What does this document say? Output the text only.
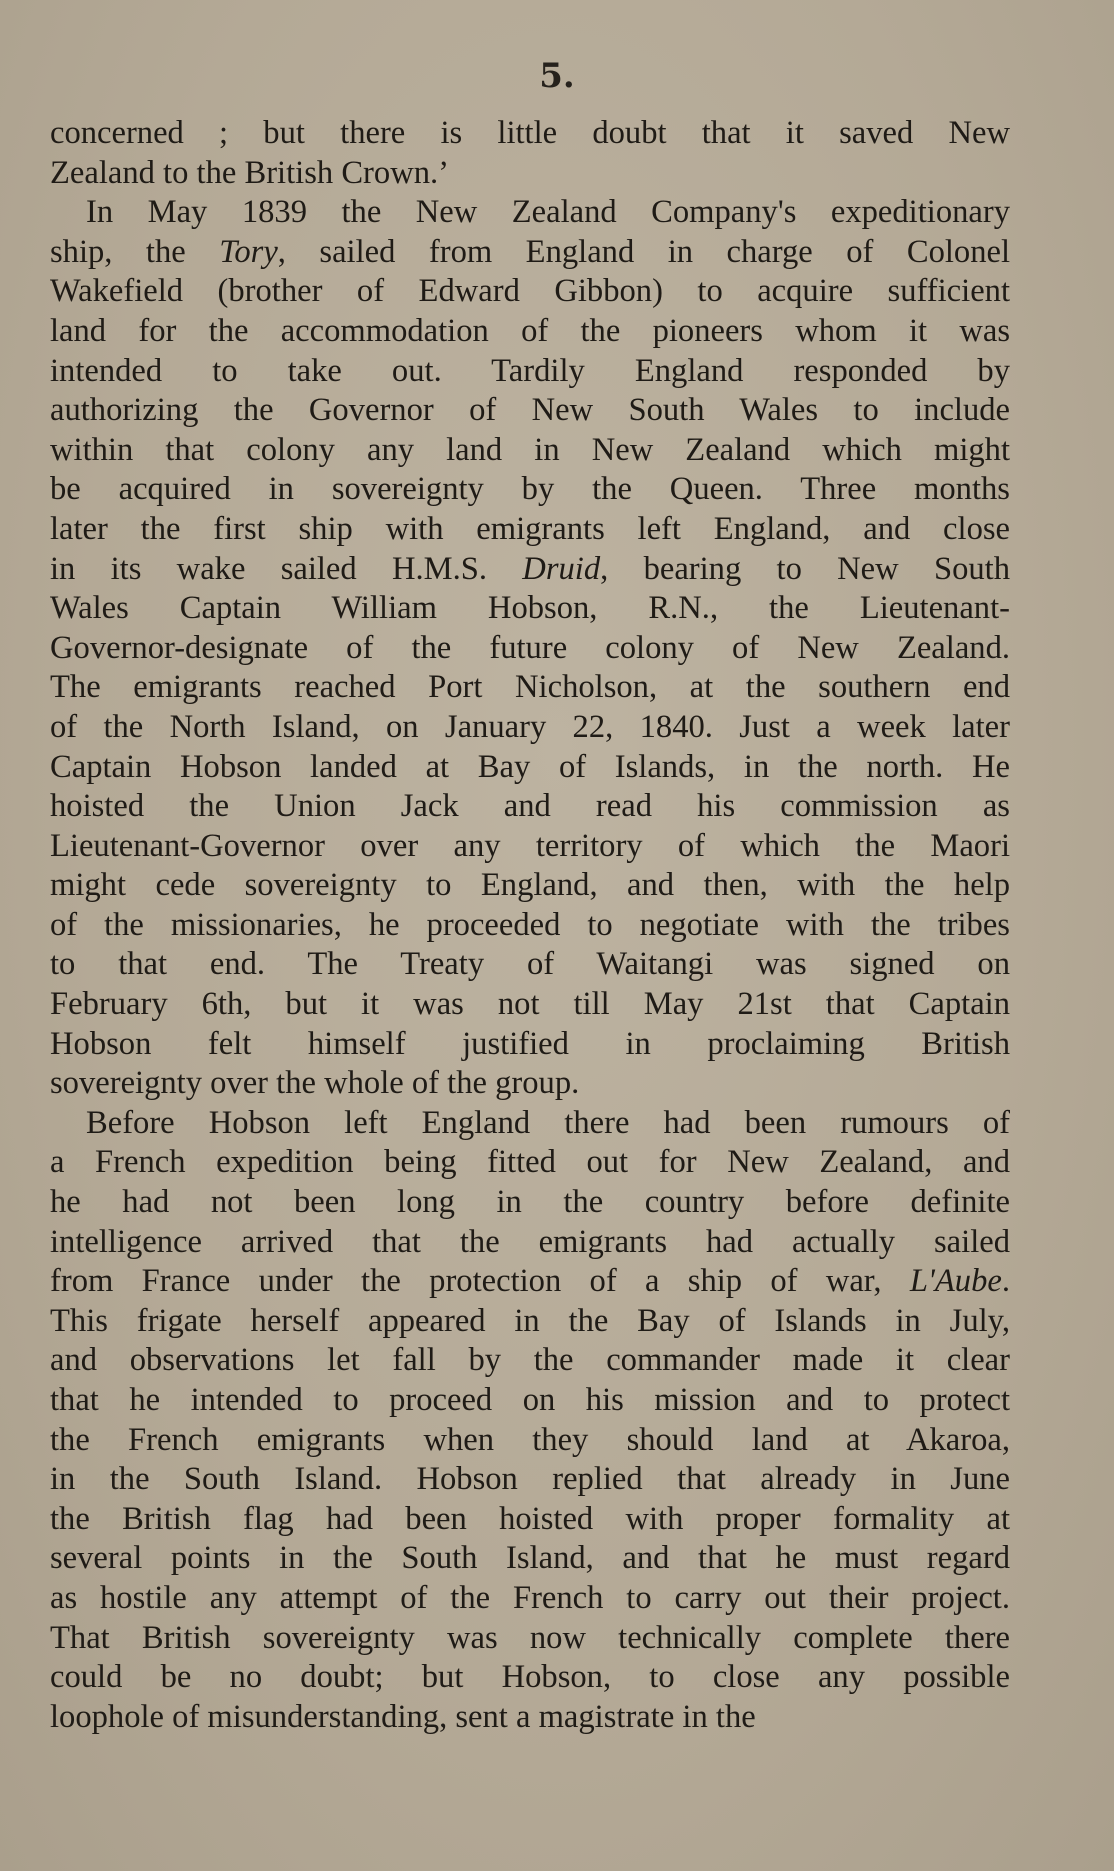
5.
concerned ; but there is little doubt that it saved New
Zealand to the British Crown.’
In May 1839 the New Zealand Company's expeditionary
ship, the Tory, sailed from England in charge of Colonel
Wakefield (brother of Edward Gibbon) to acquire sufficient
land for the accommodation of the pioneers whom it was
intended to take out. Tardily England responded by
authorizing the Governor of New South Wales to include
within that colony any land in New Zealand which might
be acquired in sovereignty by the Queen. Three months
later the first ship with emigrants left England, and close
in its wake sailed H.M.S. Druid, bearing to New South
Wales Captain William Hobson, R.N., the Lieutenant-
Governor-designate of the future colony of New Zealand.
The emigrants reached Port Nicholson, at the southern end
of the North Island, on January 22, 1840. Just a week later
Captain Hobson landed at Bay of Islands, in the north. He
hoisted the Union Jack and read his commission as
Lieutenant-Governor over any territory of which the Maori
might cede sovereignty to England, and then, with the help
of the missionaries, he proceeded to negotiate with the tribes
to that end. The Treaty of Waitangi was signed on
February 6th, but it was not till May 21st that Captain
Hobson felt himself justified in proclaiming British
sovereignty over the whole of the group.
Before Hobson left England there had been rumours of
a French expedition being fitted out for New Zealand, and
he had not been long in the country before definite
intelligence arrived that the emigrants had actually sailed
from France under the protection of a ship of war, L'Aube.
This frigate herself appeared in the Bay of Islands in July,
and observations let fall by the commander made it clear
that he intended to proceed on his mission and to protect
the French emigrants when they should land at Akaroa,
in the South Island. Hobson replied that already in June
the British flag had been hoisted with proper formality at
several points in the South Island, and that he must regard
as hostile any attempt of the French to carry out their project.
That British sovereignty was now technically complete there
could be no doubt; but Hobson, to close any possible
loophole of misunderstanding, sent a magistrate in the
